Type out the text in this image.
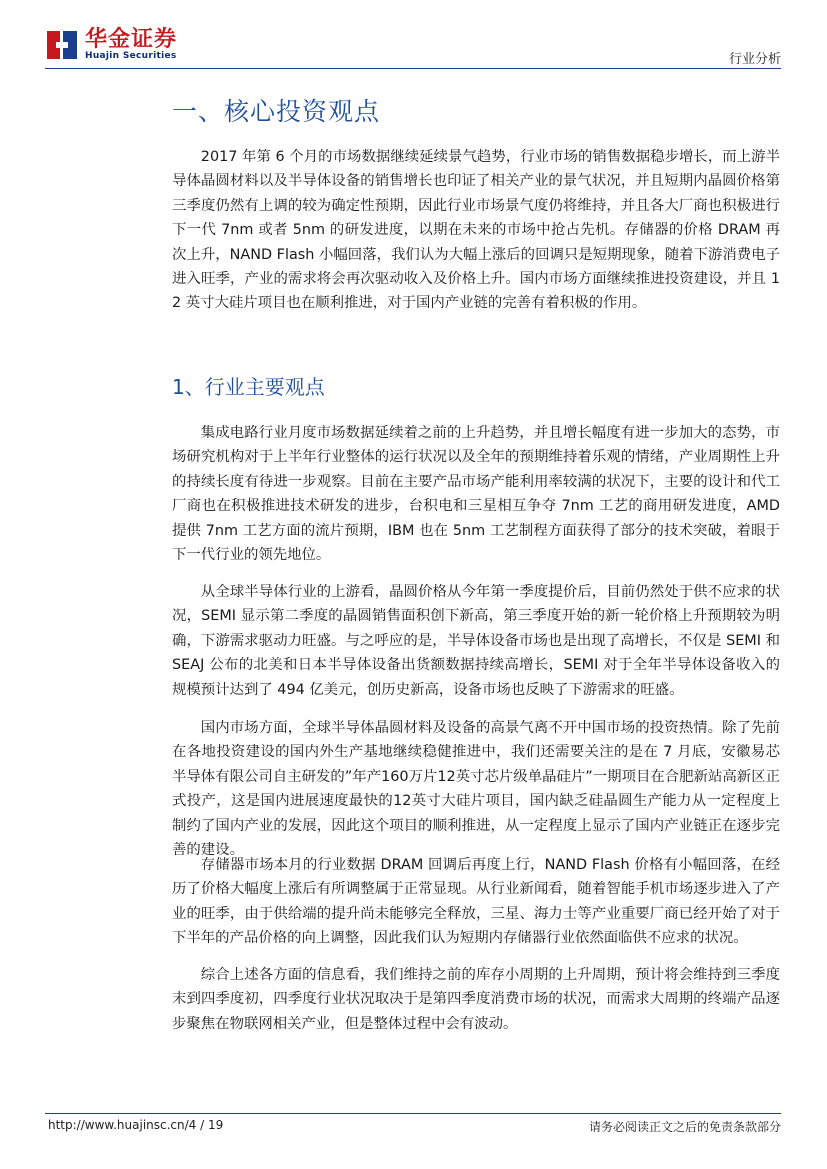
华金证券
Huajin Securities	行业分析
一、核心投资观点

2017 年第 6 个月的市场数据继续延续景气趋势，行业市场的销售数据稳步增长，而上游半导体晶圆材料以及半导体设备的销售增长也印证了相关产业的景气状况，并且短期内晶圆价格第三季度仍然有上调的较为确定性预期，因此行业市场景气度仍将维持，并且各大厂商也积极进行下一代 7nm 或者 5nm 的研发进度，以期在未来的市场中抢占先机。存储器的价格 DRAM 再次上升，NAND Flash 小幅回落，我们认为大幅上涨后的回调只是短期现象，随着下游消费电子进入旺季，产业的需求将会再次驱动收入及价格上升。国内市场方面继续推进投资建设，并且 12 英寸大硅片项目也在顺利推进，对于国内产业链的完善有着积极的作用。

1、行业主要观点

集成电路行业月度市场数据延续着之前的上升趋势，并且增长幅度有进一步加大的态势，市场研究机构对于上半年行业整体的运行状况以及全年的预期维持着乐观的情绪，产业周期性上升的持续长度有待进一步观察。目前在主要产品市场产能利用率较满的状况下，主要的设计和代工厂商也在积极推进技术研发的进步，台积电和三星相互争夺 7nm 工艺的商用研发进度，AMD 提供 7nm 工艺方面的流片预期，IBM 也在 5nm 工艺制程方面获得了部分的技术突破，着眼于下一代行业的领先地位。

从全球半导体行业的上游看，晶圆价格从今年第一季度提价后，目前仍然处于供不应求的状况，SEMI 显示第二季度的晶圆销售面积创下新高，第三季度开始的新一轮价格上升预期较为明确，下游需求驱动力旺盛。与之呼应的是，半导体设备市场也是出现了高增长，不仅是 SEMI 和 SEAJ 公布的北美和日本半导体设备出货额数据持续高增长，SEMI 对于全年半导体设备收入的规模预计达到了 494 亿美元，创历史新高，设备市场也反映了下游需求的旺盛。

国内市场方面，全球半导体晶圆材料及设备的高景气离不开中国市场的投资热情。除了先前在各地投资建设的国内外生产基地继续稳健推进中，我们还需要关注的是在 7 月底，安徽易芯半导体有限公司自主研发的”年产160万片12英寸芯片级单晶硅片”一期项目在合肥新站高新区正式投产，这是国内进展速度最快的12英寸大硅片项目，国内缺乏硅晶圆生产能力从一定程度上制约了国内产业的发展，因此这个项目的顺利推进，从一定程度上显示了国内产业链正在逐步完善的建设。

存储器市场本月的行业数据 DRAM 回调后再度上行，NAND Flash 价格有小幅回落，在经历了价格大幅度上涨后有所调整属于正常显现。从行业新闻看，随着智能手机市场逐步进入了产业的旺季，由于供给端的提升尚未能够完全释放，三星、海力士等产业重要厂商已经开始了对于下半年的产品价格的向上调整，因此我们认为短期内存储器行业依然面临供不应求的状况。

综合上述各方面的信息看，我们维持之前的库存小周期的上升周期，预计将会维持到三季度末到四季度初，四季度行业状况取决于是第四季度消费市场的状况，而需求大周期的终端产品逐步聚焦在物联网相关产业，但是整体过程中会有波动。

http://www.huajinsc.cn/4 / 19	请务必阅读正文之后的免责条款部分
